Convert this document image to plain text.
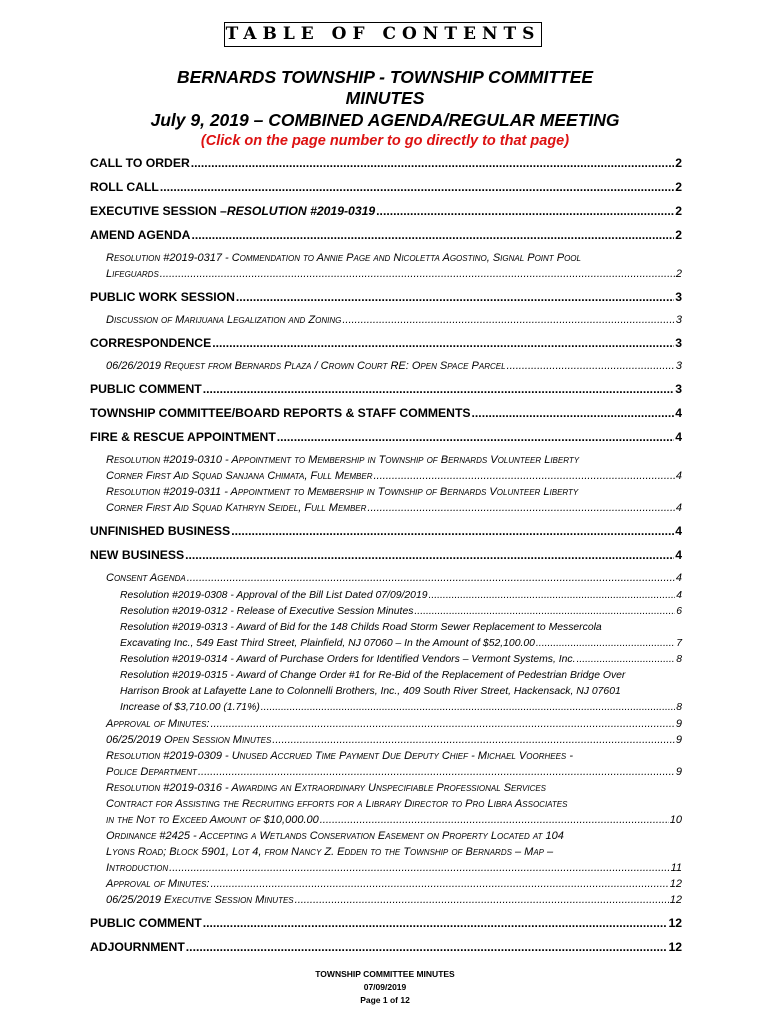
TABLE OF CONTENTS
BERNARDS TOWNSHIP - TOWNSHIP COMMITTEE
MINUTES
July 9, 2019 – COMBINED AGENDA/REGULAR MEETING
(Click on the page number to go directly to that page)
CALL TO ORDER .....	2
ROLL CALL .....	2
EXECUTIVE SESSION – RESOLUTION #2019-0319 .....	2
AMEND AGENDA .....	2
Resolution #2019-0317 - Commendation to Annie Page and Nicoletta Agostino, Signal Point Pool
Lifeguards .....	2
PUBLIC WORK SESSION .....	3
Discussion of Marijuana Legalization and Zoning .....	3
CORRESPONDENCE .....	3
06/26/2019 Request from Bernards Plaza / Crown Court RE: Open Space Parcel .....	3
PUBLIC COMMENT .....	3
TOWNSHIP COMMITTEE/BOARD REPORTS & STAFF COMMENTS .....	4
FIRE & RESCUE APPOINTMENT .....	4
Resolution #2019-0310 - Appointment to Membership in Township of Bernards Volunteer Liberty
Corner First Aid Squad Sanjana Chimata, Full Member .....	4
Resolution #2019-0311 - Appointment to Membership in Township of Bernards Volunteer Liberty
Corner First Aid Squad Kathryn Seidel, Full Member .....	4
UNFINISHED BUSINESS .....	4
NEW BUSINESS .....	4
Consent Agenda .....	4
Resolution #2019-0308 - Approval of the Bill List Dated 07/09/2019 .....	4
Resolution #2019-0312 - Release of Executive Session Minutes .....	6
Resolution #2019-0313 - Award of Bid for the 148 Childs Road Storm Sewer Replacement to Messercola
Excavating Inc., 549 East Third Street, Plainfield, NJ 07060 – In the Amount of $52,100.00 .....	7
Resolution #2019-0314 - Award of Purchase Orders for Identified Vendors – Vermont Systems, Inc. .....	8
Resolution #2019-0315 - Award of Change Order #1 for Re-Bid of the Replacement of Pedestrian Bridge Over
Harrison Brook at Lafayette Lane to Colonnelli Brothers, Inc., 409 South River Street, Hackensack, NJ 07601
Increase of $3,710.00 (1.71%) .....	8
Approval of Minutes: .....	9
06/25/2019 Open Session Minutes .....	9
Resolution #2019-0309 - Unused Accrued Time Payment Due Deputy Chief - Michael Voorhees -
Police Department .....	9
Resolution #2019-0316 - Awarding an Extraordinary Unspecifiable Professional Services
Contract for Assisting the Recruiting efforts for a Library Director to Pro Libra Associates
in the Not to Exceed Amount of $10,000.00 .....	10
Ordinance #2425 - Accepting a Wetlands Conservation Easement on Property Located at 104
Lyons Road; Block 5901, Lot 4, from Nancy Z. Edden to the Township of Bernards – Map –
Introduction .....	11
Approval of Minutes: .....	12
06/25/2019 Executive Session Minutes .....	12
PUBLIC COMMENT .....	12
ADJOURNMENT .....	12
TOWNSHIP COMMITTEE MINUTES
07/09/2019
Page 1 of 12
